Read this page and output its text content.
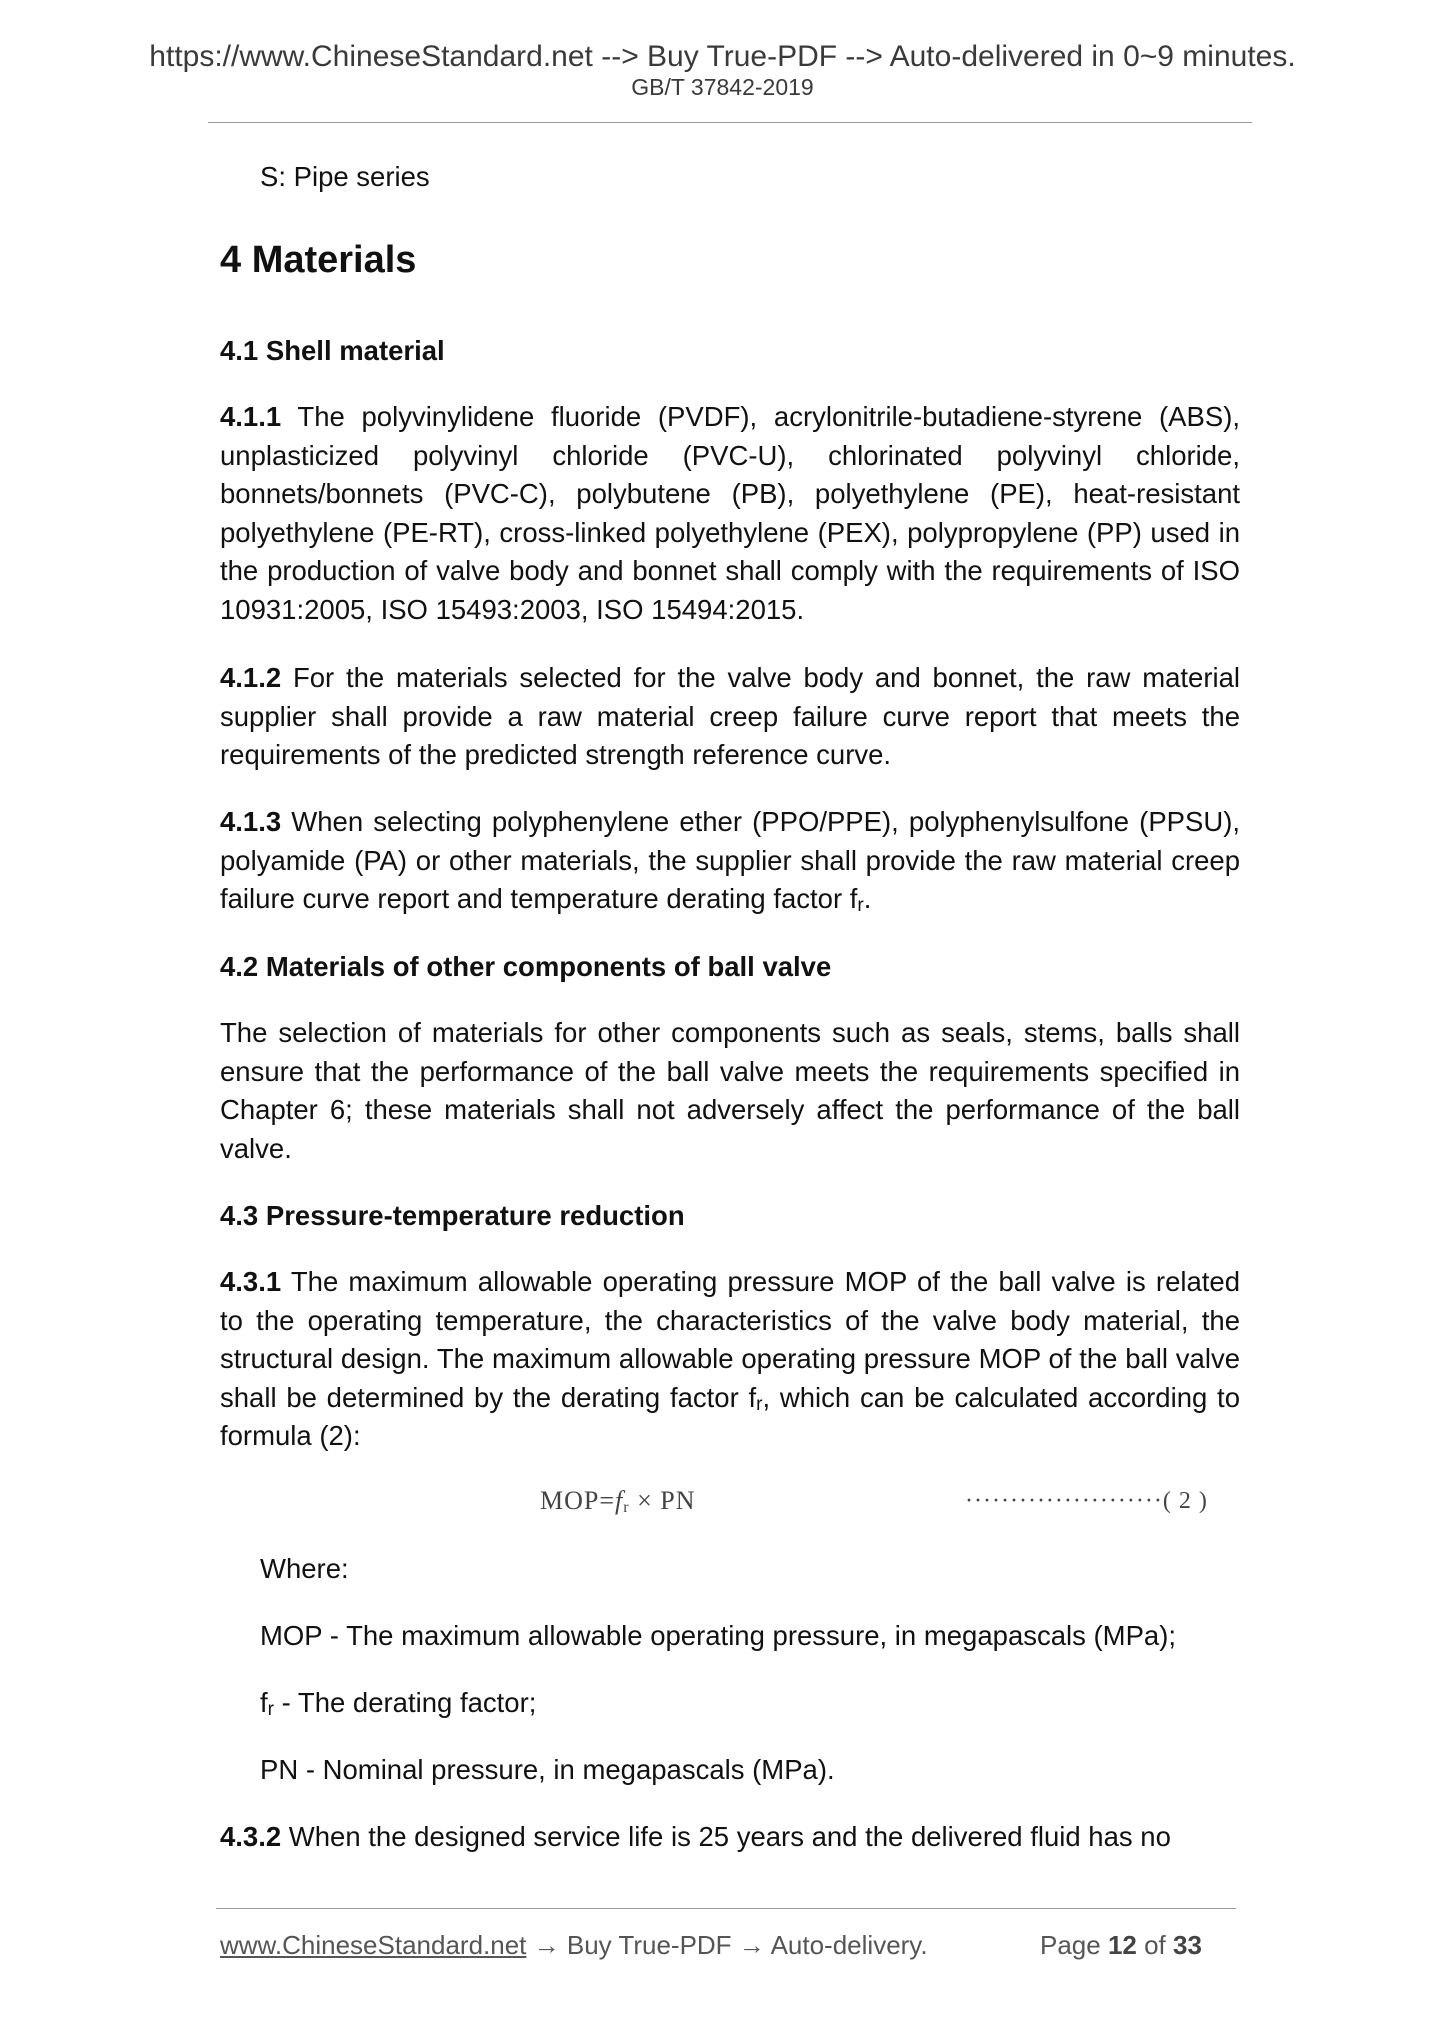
https://www.ChineseStandard.net --> Buy True-PDF --> Auto-delivered in 0~9 minutes.
GB/T 37842-2019

S: Pipe series

4 Materials
4.1 Shell material

4.1.1 The polyvinylidene fluoride (PVDF), acrylonitrile-butadiene-styrene (ABS), unplasticized polyvinyl chloride (PVC-U), chlorinated polyvinyl chloride, bonnets/bonnets (PVC-C), polybutene (PB), polyethylene (PE), heat-resistant polyethylene (PE-RT), cross-linked polyethylene (PEX), polypropylene (PP) used in the production of valve body and bonnet shall comply with the requirements of ISO 10931:2005, ISO 15493:2003, ISO 15494:2015.

4.1.2 For the materials selected for the valve body and bonnet, the raw material supplier shall provide a raw material creep failure curve report that meets the requirements of the predicted strength reference curve.

4.1.3 When selecting polyphenylene ether (PPO/PPE), polyphenylsulfone (PPSU), polyamide (PA) or other materials, the supplier shall provide the raw material creep failure curve report and temperature derating factor $f_r$.

4.2 Materials of other components of ball valve

The selection of materials for other components such as seals, stems, balls shall ensure that the performance of the ball valve meets the requirements specified in Chapter 6; these materials shall not adversely affect the performance of the ball valve.

4.3 Pressure-temperature reduction

4.3.1 The maximum allowable operating pressure MOP of the ball valve is related to the operating temperature, the characteristics of the valve body material, the structural design. The maximum allowable operating pressure MOP of the ball valve shall be determined by the derating factor $f_r$, which can be calculated according to formula (2):

$MOP=f_r$ × PN	······················( 2 )

Where:

MOP - The maximum allowable operating pressure, in megapascals (MPa);

$f_r$ - The derating factor;

PN - Nominal pressure, in megapascals (MPa).

4.3.2 When the designed service life is 25 years and the delivered fluid has no

www.ChineseStandard.net → Buy True-PDF → Auto-delivery.	Page 12 of 33
